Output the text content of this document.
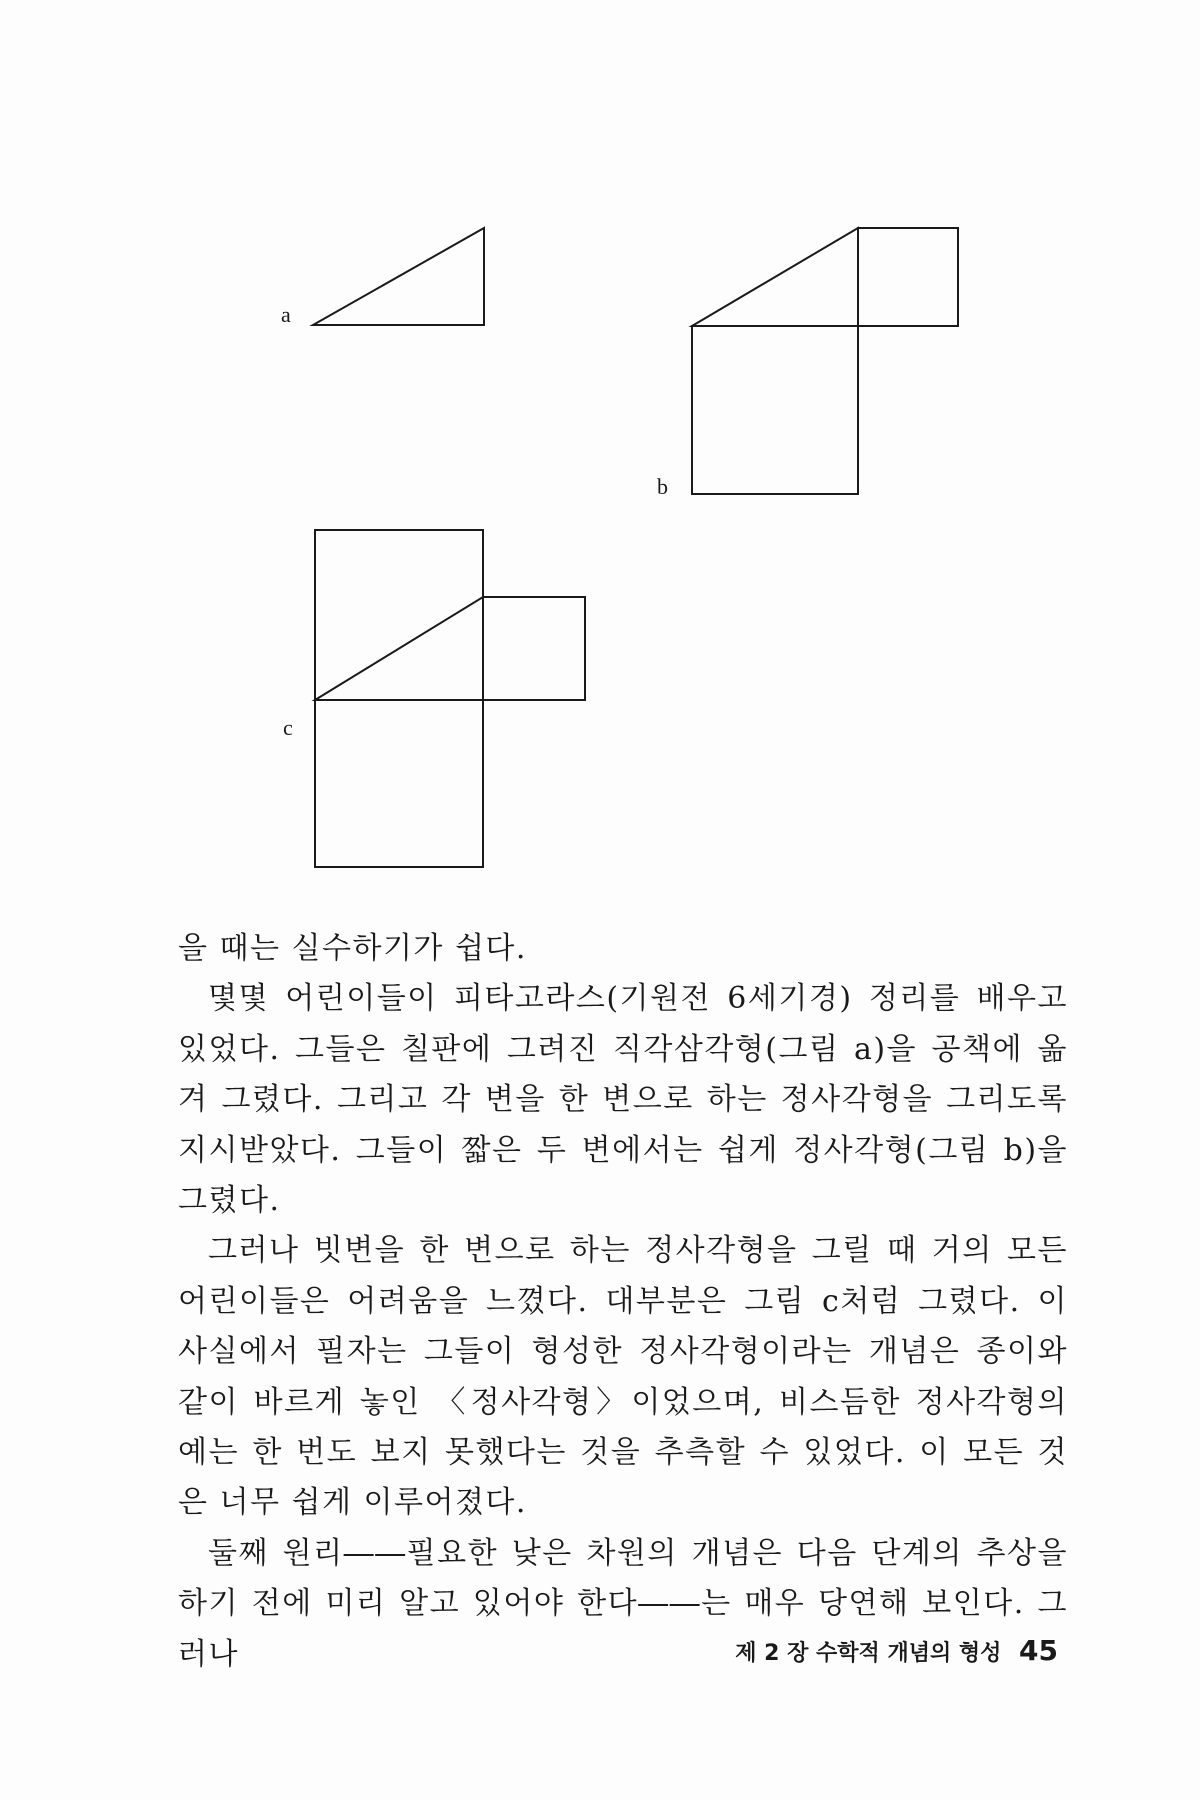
a
b
c

을 때는 실수하기가 쉽다.

몇몇 어린이들이 피타고라스(기원전 6세기경) 정리를 배우고 있었다. 그들은 칠판에 그려진 직각삼각형(그림 a)을 공책에 옮겨 그렸다. 그리고 각 변을 한 변으로 하는 정사각형을 그리도록 지시받았다. 그들이 짧은 두 변에서는 쉽게 정사각형(그림 b)을 그렸다.

그러나 빗변을 한 변으로 하는 정사각형을 그릴 때 거의 모든 어린이들은 어려움을 느꼈다. 대부분은 그림 c처럼 그렸다. 이 사실에서 필자는 그들이 형성한 정사각형이라는 개념은 종이와 같이 바르게 놓인 〈정사각형〉이었으며, 비스듬한 정사각형의 예는 한 번도 보지 못했다는 것을 추측할 수 있었다. 이 모든 것은 너무 쉽게 이루어졌다.

둘째 원리――필요한 낮은 차원의 개념은 다음 단계의 추상을 하기 전에 미리 알고 있어야 한다――는 매우 당연해 보인다. 그러나	제 2 장 수학적 개념의 형성 45
